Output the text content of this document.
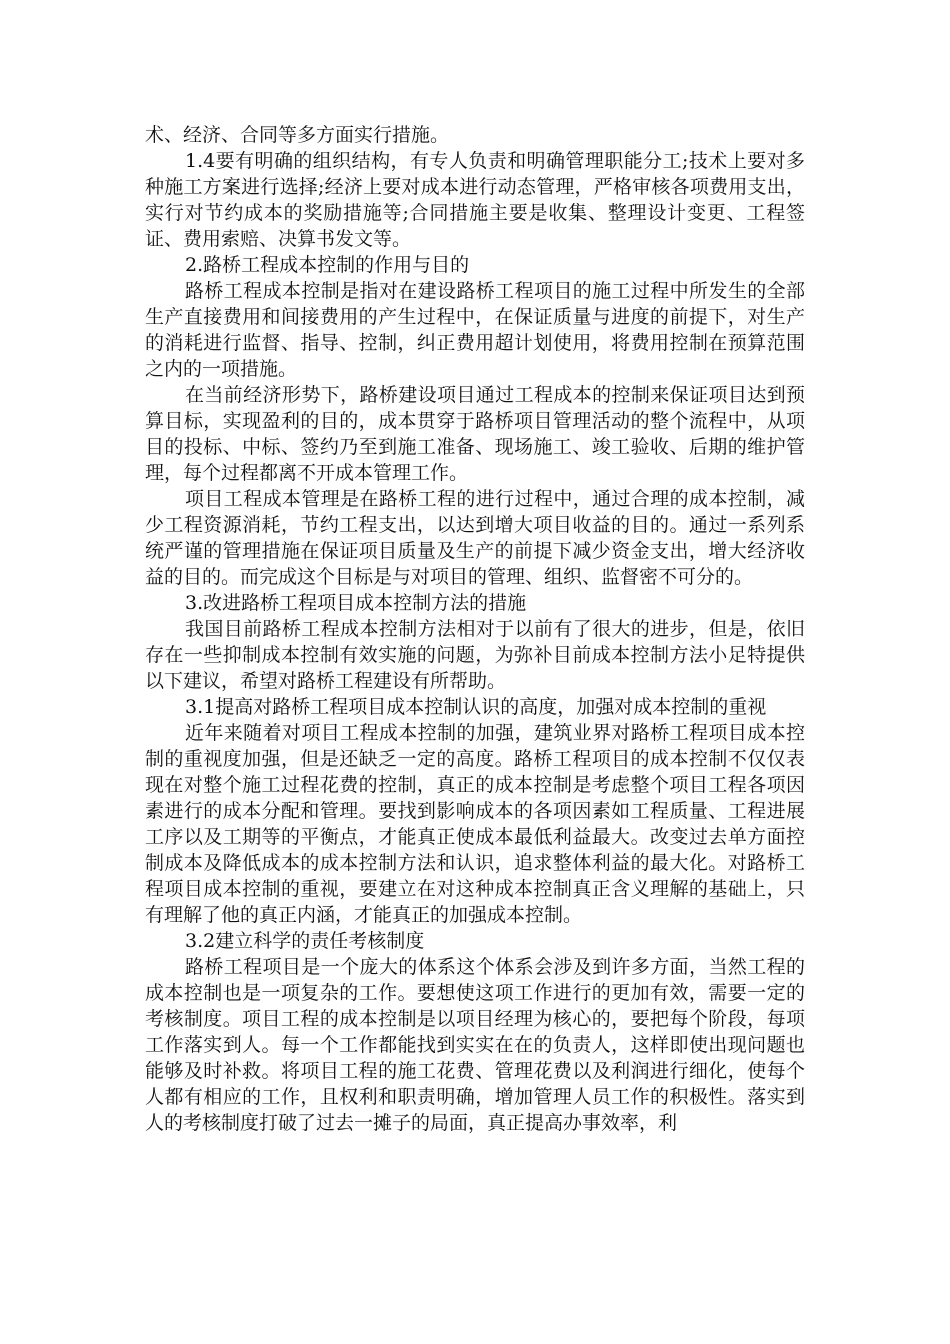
术、经济、合同等多方面实行措施。

1.4要有明确的组织结构，有专人负责和明确管理职能分工;技术上要对多种施工方案进行选择;经济上要对成本进行动态管理，严格审核各项费用支出，实行对节约成本的奖励措施等;合同措施主要是收集、整理设计变更、工程签证、费用索赔、决算书发文等。

2.路桥工程成本控制的作用与目的

路桥工程成本控制是指对在建设路桥工程项目的施工过程中所发生的全部生产直接费用和间接费用的产生过程中，在保证质量与进度的前提下，对生产的消耗进行监督、指导、控制，纠正费用超计划使用，将费用控制在预算范围之内的一项措施。

在当前经济形势下，路桥建设项目通过工程成本的控制来保证项目达到预算目标，实现盈利的目的，成本贯穿于路桥项目管理活动的整个流程中，从项目的投标、中标、签约乃至到施工准备、现场施工、竣工验收、后期的维护管理，每个过程都离不开成本管理工作。

项目工程成本管理是在路桥工程的进行过程中，通过合理的成本控制，减少工程资源消耗，节约工程支出，以达到增大项目收益的目的。通过一系列系统严谨的管理措施在保证项目质量及生产的前提下减少资金支出，增大经济收益的目的。而完成这个目标是与对项目的管理、组织、监督密不可分的。

3.改进路桥工程项目成本控制方法的措施

我国目前路桥工程成本控制方法相对于以前有了很大的进步，但是，依旧存在一些抑制成本控制有效实施的问题，为弥补目前成本控制方法小足特提供以下建议，希望对路桥工程建设有所帮助。

3.1提高对路桥工程项目成本控制认识的高度，加强对成本控制的重视

近年来随着对项目工程成本控制的加强，建筑业界对路桥工程项目成本控制的重视度加强，但是还缺乏一定的高度。路桥工程项目的成本控制不仅仅表现在对整个施工过程花费的控制，真正的成本控制是考虑整个项目工程各项因素进行的成本分配和管理。要找到影响成本的各项因素如工程质量、工程进展工序以及工期等的平衡点，才能真正使成本最低利益最大。改变过去单方面控制成本及降低成本的成本控制方法和认识，追求整体利益的最大化。对路桥工程项目成本控制的重视，要建立在对这种成本控制真正含义理解的基础上，只有理解了他的真正内涵，才能真正的加强成本控制。

3.2建立科学的责任考核制度

路桥工程项目是一个庞大的体系这个体系会涉及到许多方面，当然工程的成本控制也是一项复杂的工作。要想使这项工作进行的更加有效，需要一定的考核制度。项目工程的成本控制是以项目经理为核心的，要把每个阶段，每项工作落实到人。每一个工作都能找到实实在在的负责人，这样即使出现问题也能够及时补救。将项目工程的施工花费、管理花费以及利润进行细化，使每个人都有相应的工作，且权利和职责明确，增加管理人员工作的积极性。落实到人的考核制度打破了过去一摊子的局面，真正提高办事效率，利
